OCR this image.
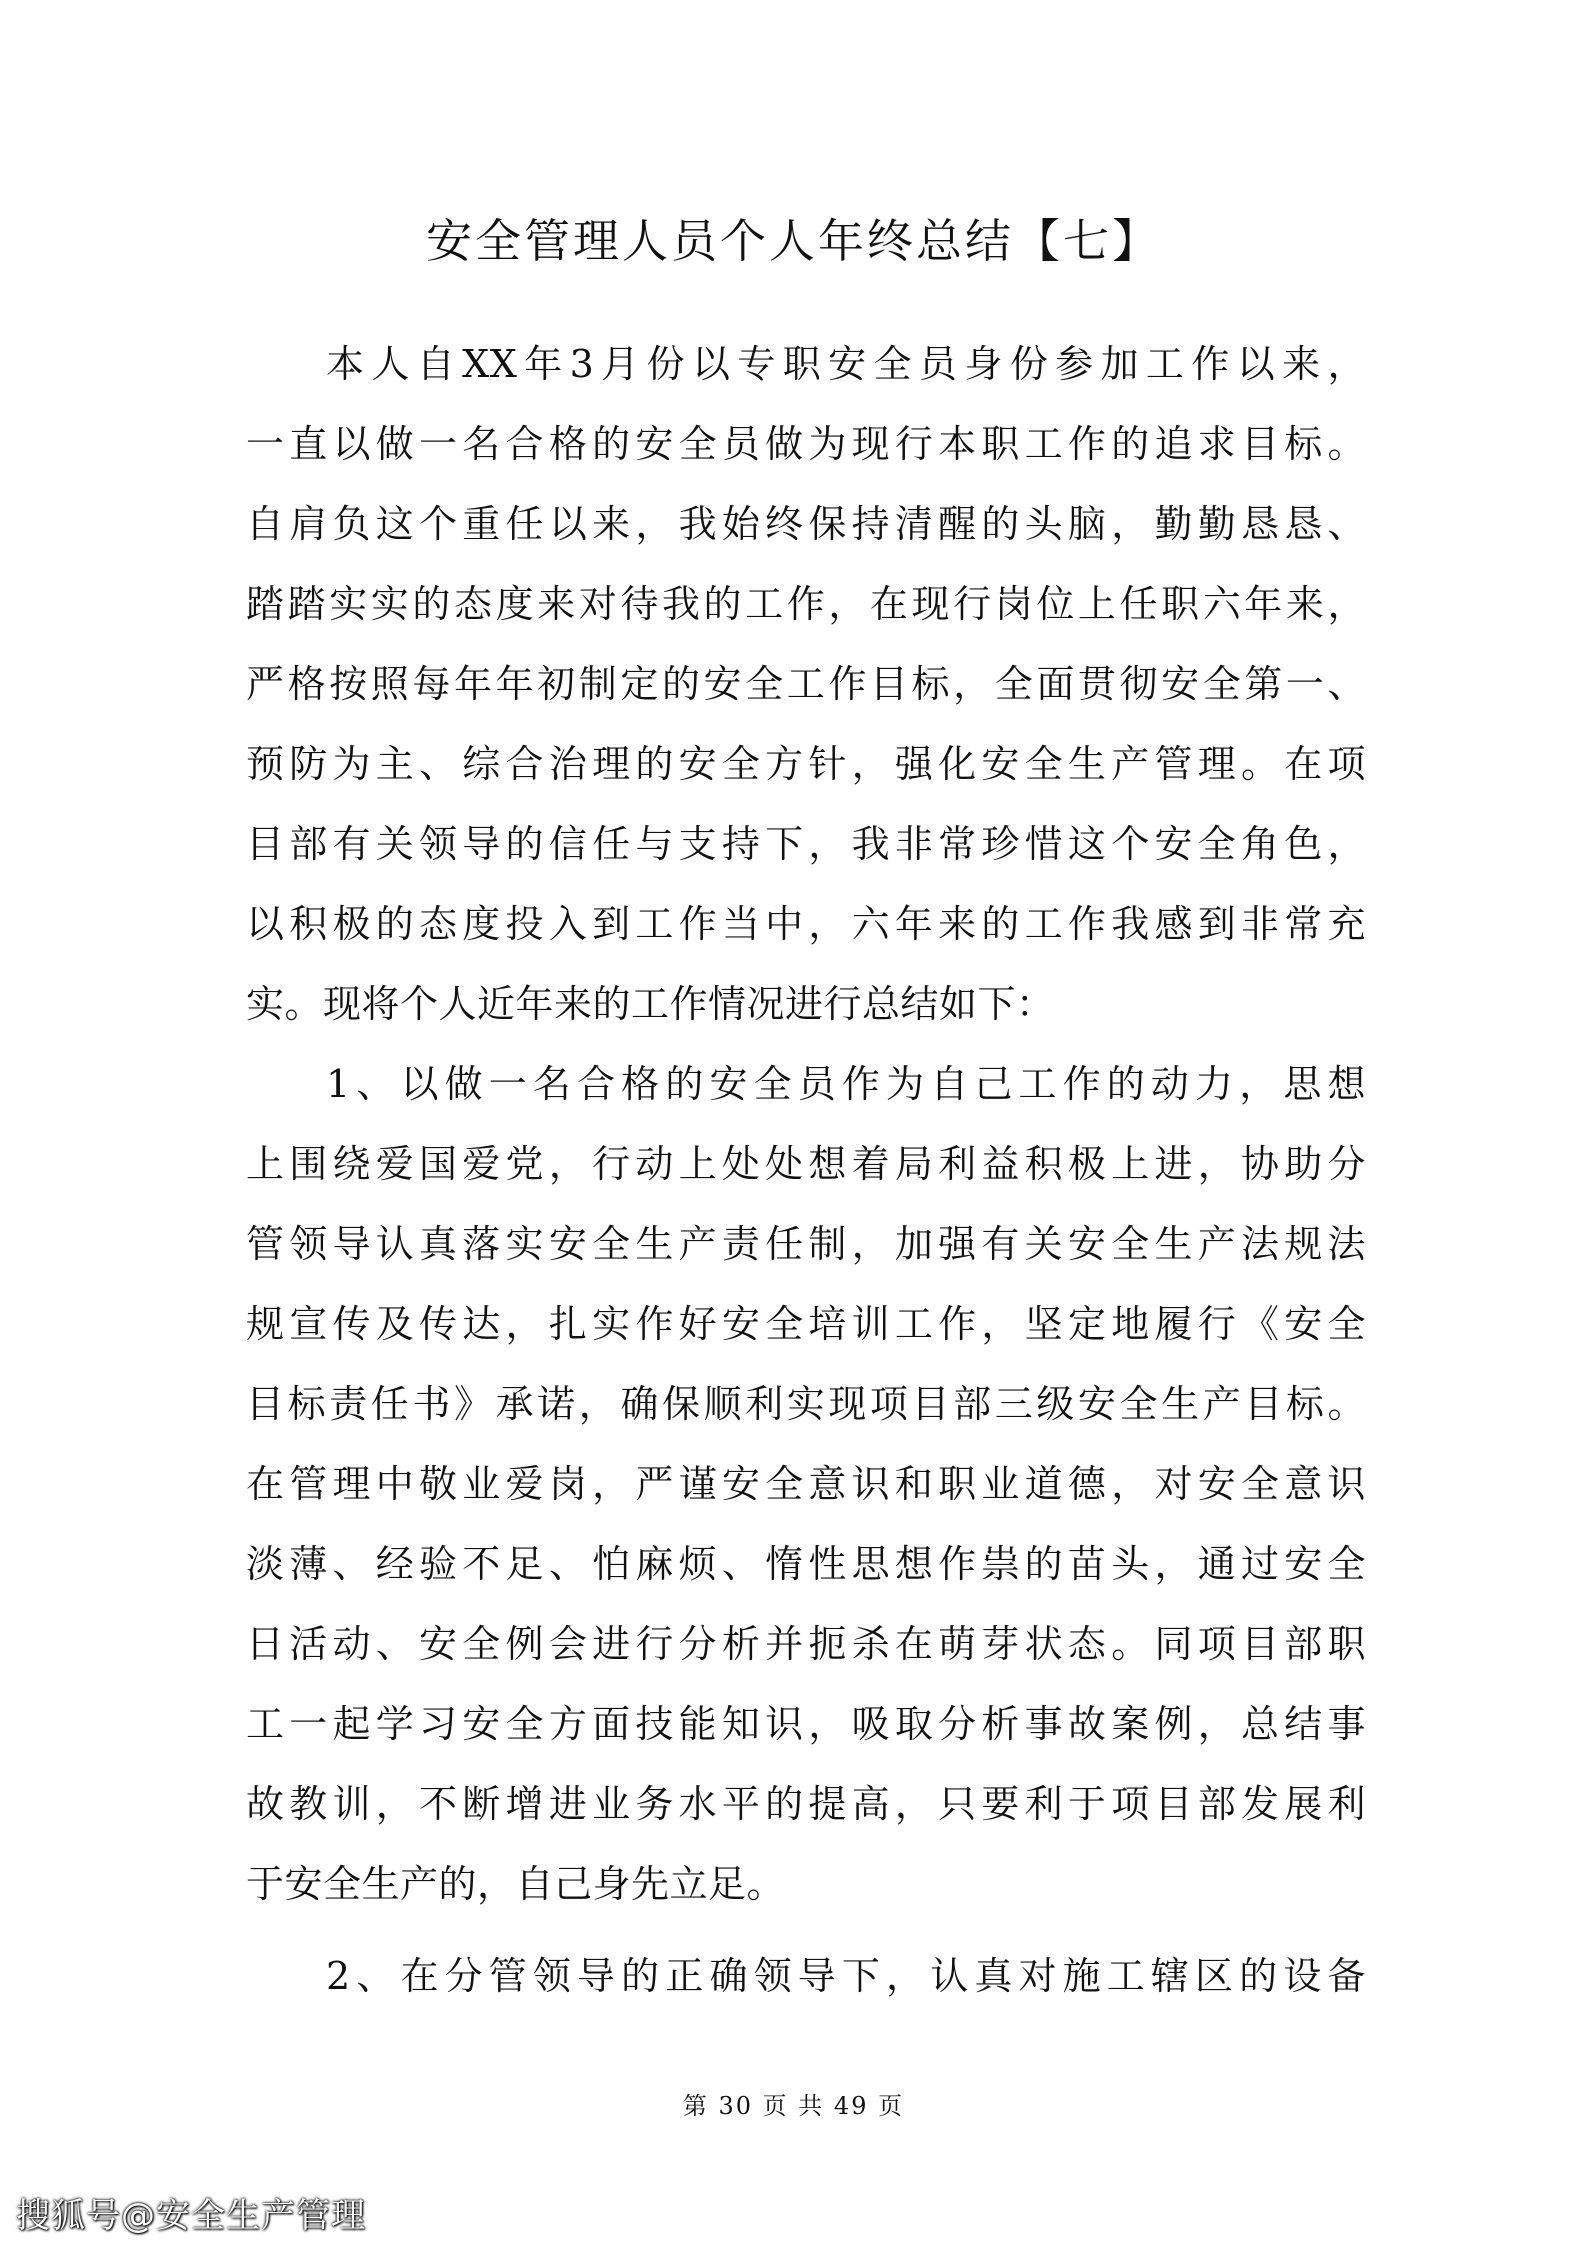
安全管理人员个人年终总结【七】
本人自XX年3月份以专职安全员身份参加工作以来，
一直以做一名合格的安全员做为现行本职工作的追求目标。
自肩负这个重任以来，我始终保持清醒的头脑，勤勤恳恳、
踏踏实实的态度来对待我的工作，在现行岗位上任职六年来，
严格按照每年年初制定的安全工作目标，全面贯彻安全第一、
预防为主、综合治理的安全方针，强化安全生产管理。在项
目部有关领导的信任与支持下，我非常珍惜这个安全角色，
以积极的态度投入到工作当中，六年来的工作我感到非常充
实。现将个人近年来的工作情况进行总结如下：
1、以做一名合格的安全员作为自己工作的动力，思想
上围绕爱国爱党，行动上处处想着局利益积极上进，协助分
管领导认真落实安全生产责任制，加强有关安全生产法规法
规宣传及传达，扎实作好安全培训工作，坚定地履行《安全
目标责任书》承诺，确保顺利实现项目部三级安全生产目标。
在管理中敬业爱岗，严谨安全意识和职业道德，对安全意识
淡薄、经验不足、怕麻烦、惰性思想作祟的苗头，通过安全
日活动、安全例会进行分析并扼杀在萌芽状态。同项目部职
工一起学习安全方面技能知识，吸取分析事故案例，总结事
故教训，不断增进业务水平的提高，只要利于项目部发展利
于安全生产的，自己身先立足。
2、在分管领导的正确领导下，认真对施工辖区的设备
第 30 页 共 49 页
搜狐号@安全生产管理
